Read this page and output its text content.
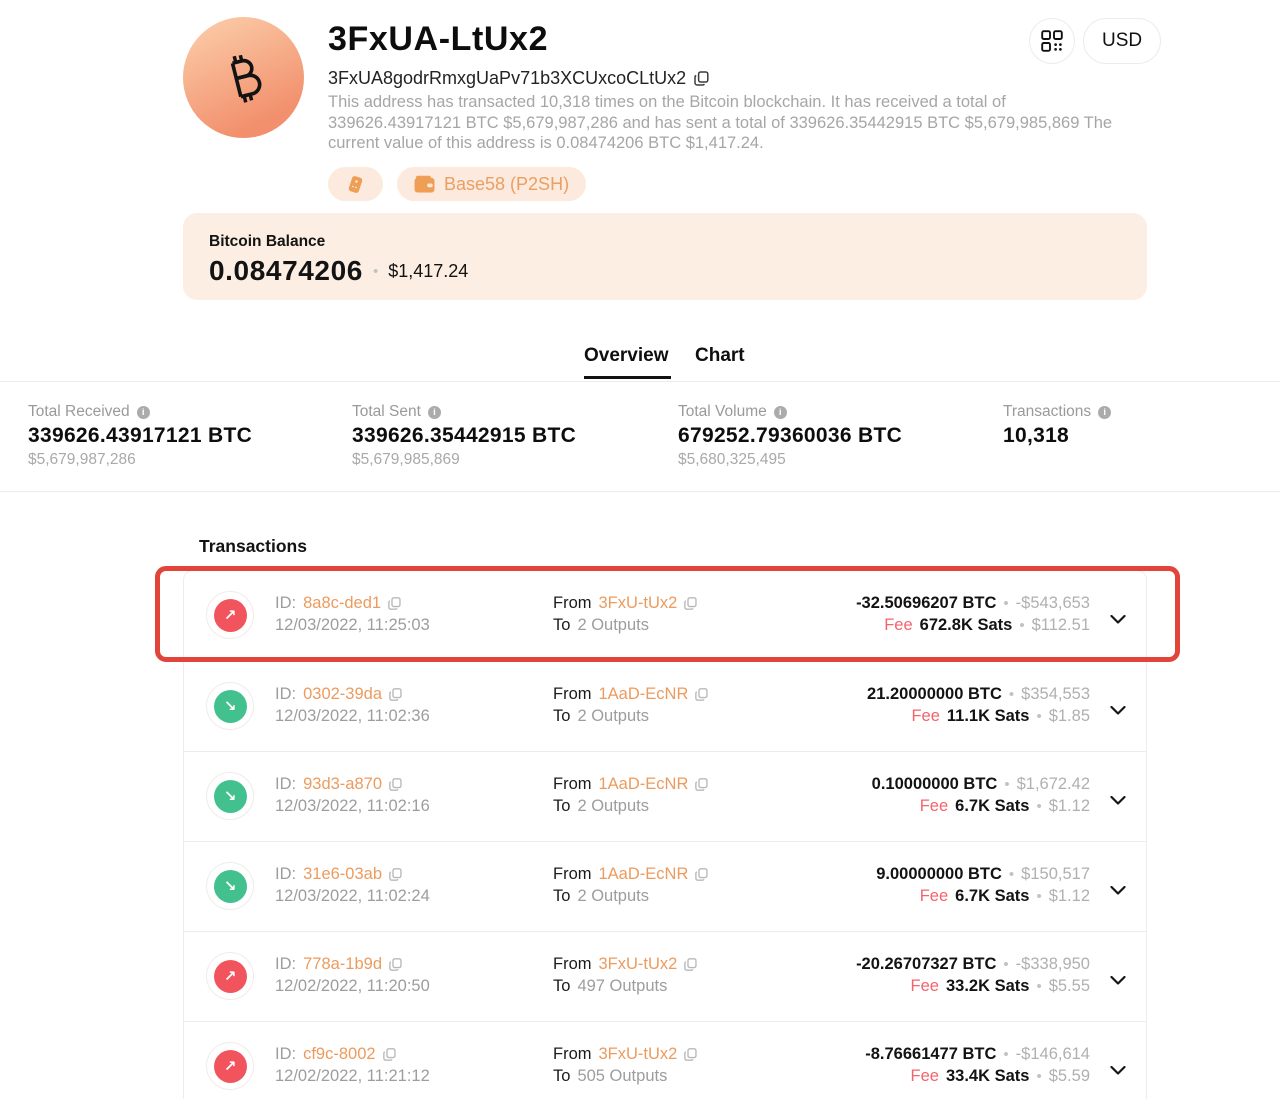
3FxUA-LtUx2
3FxUA8godrRmxgUaPv71b3XCUxcoCLtUx2
This address has transacted 10,318 times on the Bitcoin blockchain. It has received a total of 339626.43917121 BTC $5,679,987,286 and has sent a total of 339626.35442915 BTC $5,679,985,869 The current value of this address is 0.08474206 BTC $1,417.24.
Base58 (P2SH)
USD
Bitcoin Balance
0.08474206 • $1,417.24
Overview Chart
Total Received	i
339626.43917121 BTC
$5,679,987,286
Total Sent	i
339626.35442915 BTC
$5,679,985,869
Total Volume	i
679252.79360036 BTC
$5,680,325,495
Transactions	i
10,318
Transactions
↗
ID: 8a8c-ded1
12/03/2022, 11:25:03
From 3FxU-tUx2
To 2 Outputs
-32.50696207 BTC • -$543,653
Fee 672.8K Sats • $112.51
↘
ID: 0302-39da
12/03/2022, 11:02:36
From 1AaD-EcNR
To 2 Outputs
21.20000000 BTC • $354,553
Fee 11.1K Sats • $1.85
↘
ID: 93d3-a870
12/03/2022, 11:02:16
From 1AaD-EcNR
To 2 Outputs
0.10000000 BTC • $1,672.42
Fee 6.7K Sats • $1.12
↘
ID: 31e6-03ab
12/03/2022, 11:02:24
From 1AaD-EcNR
To 2 Outputs
9.00000000 BTC • $150,517
Fee 6.7K Sats • $1.12
↗
ID: 778a-1b9d
12/02/2022, 11:20:50
From 3FxU-tUx2
To 497 Outputs
-20.26707327 BTC • -$338,950
Fee 33.2K Sats • $5.55
↗
ID: cf9c-8002
12/02/2022, 11:21:12
From 3FxU-tUx2
To 505 Outputs
-8.76661477 BTC • -$146,614
Fee 33.4K Sats • $5.59
